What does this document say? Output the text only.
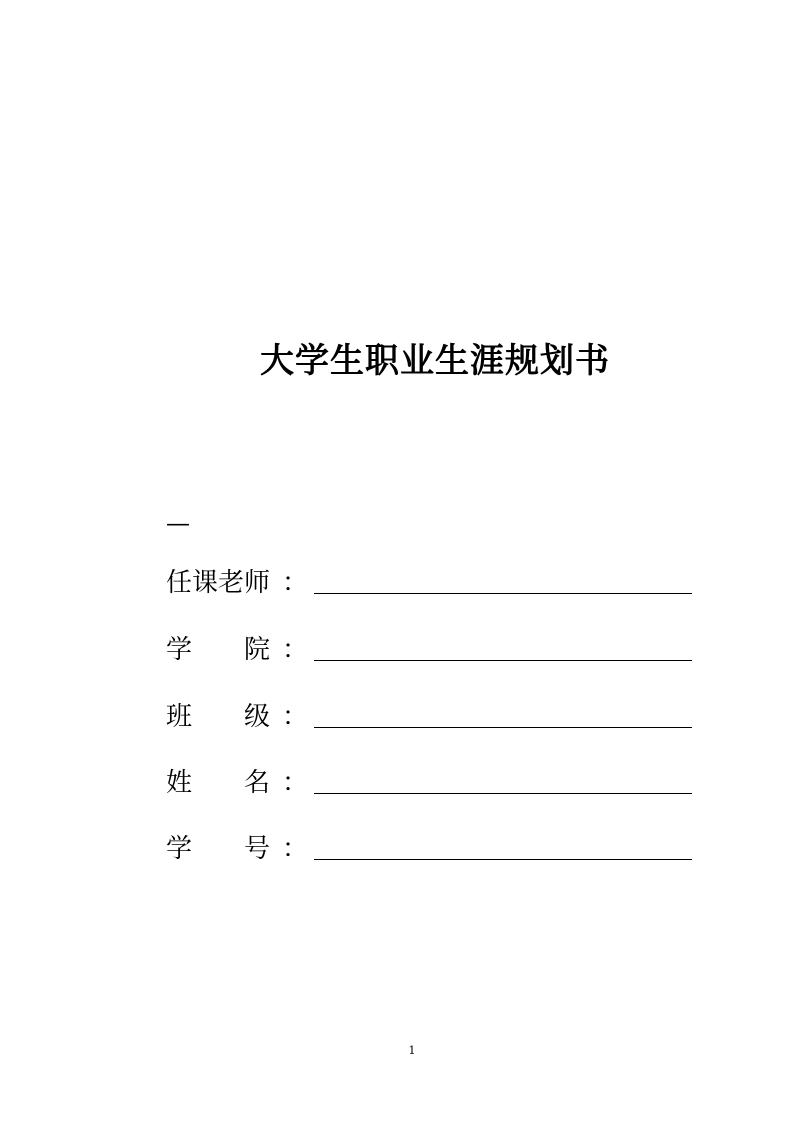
大学生职业生涯规划书
—
任课老师 ：
学　　院 ：
班　　级 ：
姓　　名 ：
学　　号 ：
1
